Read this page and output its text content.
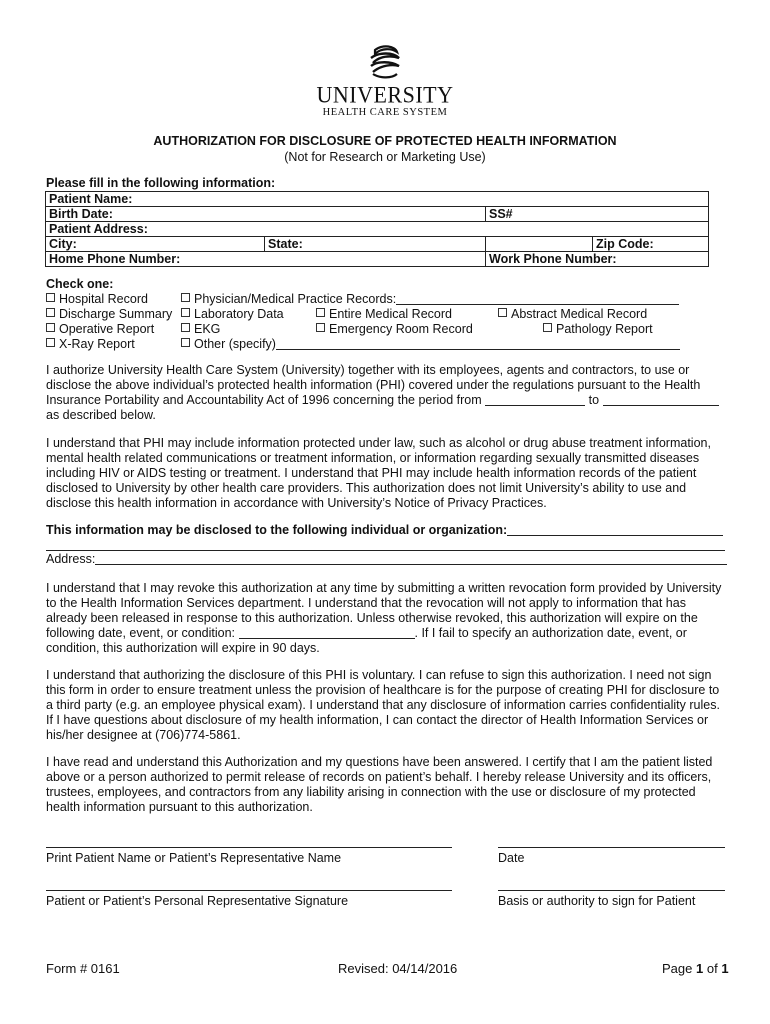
UNIVERSITY
HEALTH CARE SYSTEM
AUTHORIZATION FOR DISCLOSURE OF PROTECTED HEALTH INFORMATION
(Not for Research or Marketing Use)
Please fill in the following information:
Patient Name:		
Birth Date:		SS#
Patient Address:		
City:	State:	Zip Code:

Home Phone Number:		Work Phone Number:
Check one:
Hospital Record
Discharge Summary
Operative Report
X-Ray Report
Physician/Medical Practice Records:
Laboratory Data
EKG
Other (specify)
Entire Medical Record
Emergency Room Record
Abstract Medical Record
Pathology Report

I authorize University Health Care System (University) together with its employees, agents and contractors, to use or

disclose the above individual’s protected health information (PHI) covered under the regulations pursuant to the Health

Insurance Portability and Accountability Act of 1996 concerning the period from	to

as described below.

I understand that PHI may include information protected under law, such as alcohol or drug abuse treatment information, mental health related communications or treatment information, or information regarding sexually transmitted diseases including HIV or AIDS testing or treatment. I understand that PHI may include health information records of the patient disclosed to University by other health care providers. This authorization does not limit University’s ability to use and disclose this health information in accordance with University’s Notice of Privacy Practices.

This information may be disclosed to the following individual or organization:
Address:

I understand that I may revoke this authorization at any time by submitting a written revocation form provided by University to the Health Information Services department. I understand that the revocation will not apply to information that has already been released in response to this authorization. Unless otherwise revoked, this authorization will expire on the following date, event, or condition:	. If I fail to specify an authorization date, event, or condition, this authorization will expire in 90 days.

I understand that authorizing the disclosure of this PHI is voluntary. I can refuse to sign this authorization. I need not sign this form in order to ensure treatment unless the provision of healthcare is for the purpose of creating PHI for disclosure to a third party (e.g. an employee physical exam). I understand that any disclosure of information carries confidentiality rules. If I have questions about disclosure of my health information, I can contact the director of Health Information Services or his/her designee at (706)774-5861.

I have read and understand this Authorization and my questions have been answered. I certify that I am the patient listed above or a person authorized to permit release of records on patient’s behalf. I hereby release University and its officers, trustees, employees, and contractors from any liability arising in connection with the use or disclosure of my protected health information pursuant to this authorization.

Print Patient Name or Patient’s Representative Name	Date
Patient or Patient’s Personal Representative Signature	Basis or authority to sign for Patient
Form # 0161	Revised: 04/14/2016	Page 1 of 1
